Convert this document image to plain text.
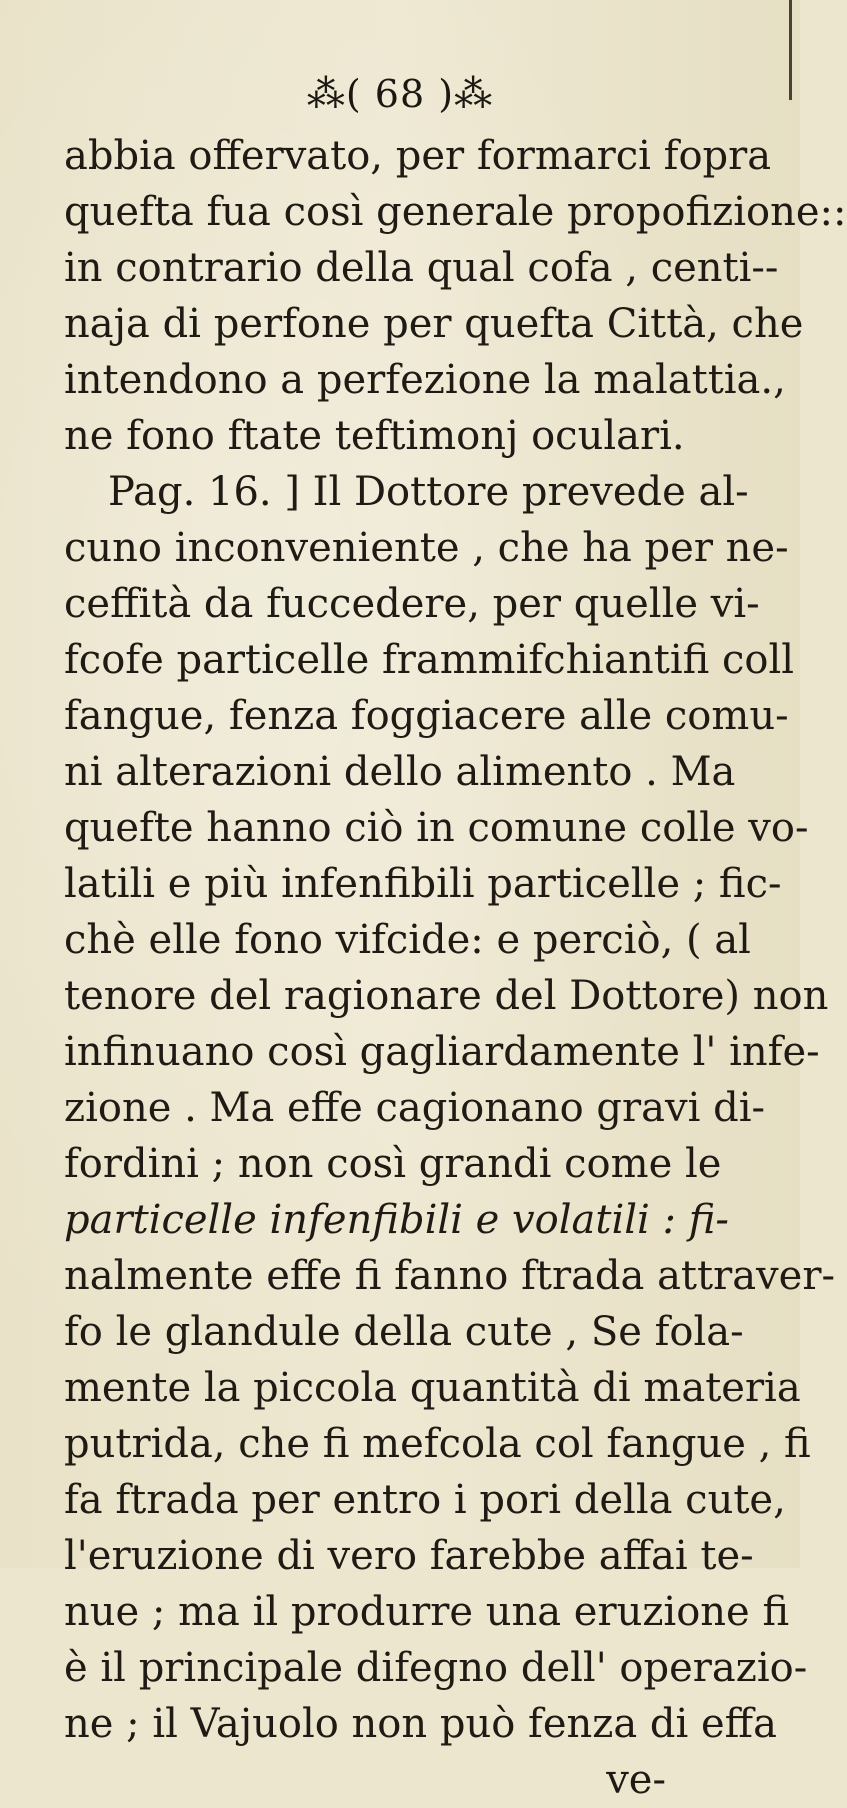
⁂( 68 )⁂
abbia offervato, per formarci fopra
quefta fua così generale propofizione::
in contrario della qual cofa , centi--
naja di perfone per quefta Città, che
intendono a perfezione la malattia.,
ne fono ftate teftimonj oculari.
Pag. 16. ] Il Dottore prevede al-
cuno inconveniente , che ha per ne-
ceffità da fuccedere, per quelle vi-
fcofe particelle frammifchiantifi coll
fangue, fenza foggiacere alle comu-
ni alterazioni dello alimento . Ma
quefte hanno ciò in comune colle vo-
latili e più infenfibili particelle ; fic-
chè elle fono vifcide: e perciò, ( al
tenore del ragionare del Dottore) non
infinuano così gagliardamente l' infe-
zione . Ma effe cagionano gravi di-
fordini ; non così grandi come le
particelle infenfibili e volatili : fi-
nalmente effe fi fanno ftrada attraver-
fo le glandule della cute , Se fola-
mente la piccola quantità di materia
putrida, che fi mefcola col fangue , fi
fa ftrada per entro i pori della cute,
l'eruzione di vero farebbe affai te-
nue ; ma il produrre una eruzione fi
è il principale difegno dell' operazio-
ne ; il Vajuolo non può fenza di effa
ve-
